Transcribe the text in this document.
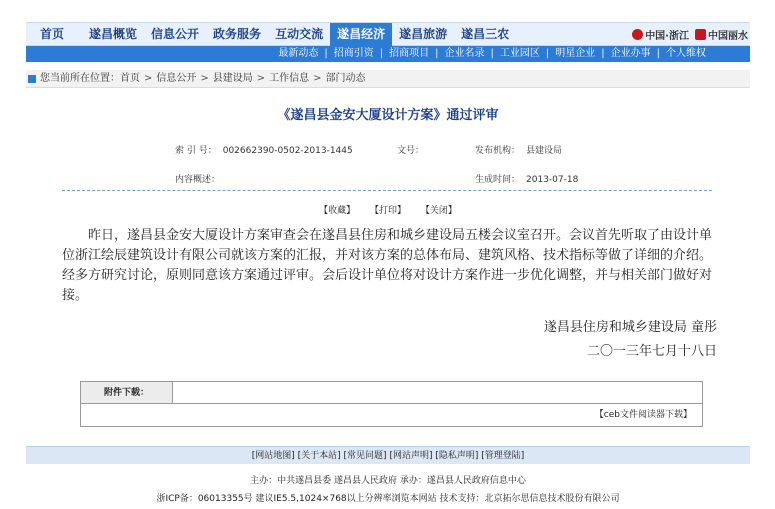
首页	遂昌概览	信息公开	政务服务	互动交流	遂昌经济	遂昌旅游	遂昌三农	中国·浙江 中国丽水
最新动态 | 招商引资 | 招商项目 | 企业名录 | 工业园区 | 明星企业 | 企业办事 | 个人维权
您当前所在位置： 首页 > 信息公开 > 县建设局 > 工作信息 > 部门动态
《遂昌县金安大厦设计方案》通过评审
索 引 号： 002662390-0502-2013-1445	文号：	发布机构： 县建设局
内容概述：	生成时间： 2013-07-18
【收藏】 【打印】 【关闭】
昨日，遂昌县金安大厦设计方案审查会在遂昌县住房和城乡建设局五楼会议室召开。会议首先听取了由设计单位浙江绘辰建筑设计有限公司就该方案的汇报，并对该方案的总体布局、建筑风格、技术指标等做了详细的介绍。经多方研究讨论，原则同意该方案通过评审。会后设计单位将对设计方案作进一步优化调整，并与相关部门做好对接。
遂昌县住房和城乡建设局 童彤
二〇一三年七月十八日
附件下载：
【ceb文件阅读器下载】
[网站地图] [关于本站] [常见问题] [网站声明] [隐私声明] [管理登陆]
主办：中共遂昌县委 遂昌县人民政府 承办：遂昌县人民政府信息中心
浙ICP备：06013355号 建议IE5.5,1024×768以上分辨率浏览本网站 技术支持：北京拓尔思信息技术股份有限公司
